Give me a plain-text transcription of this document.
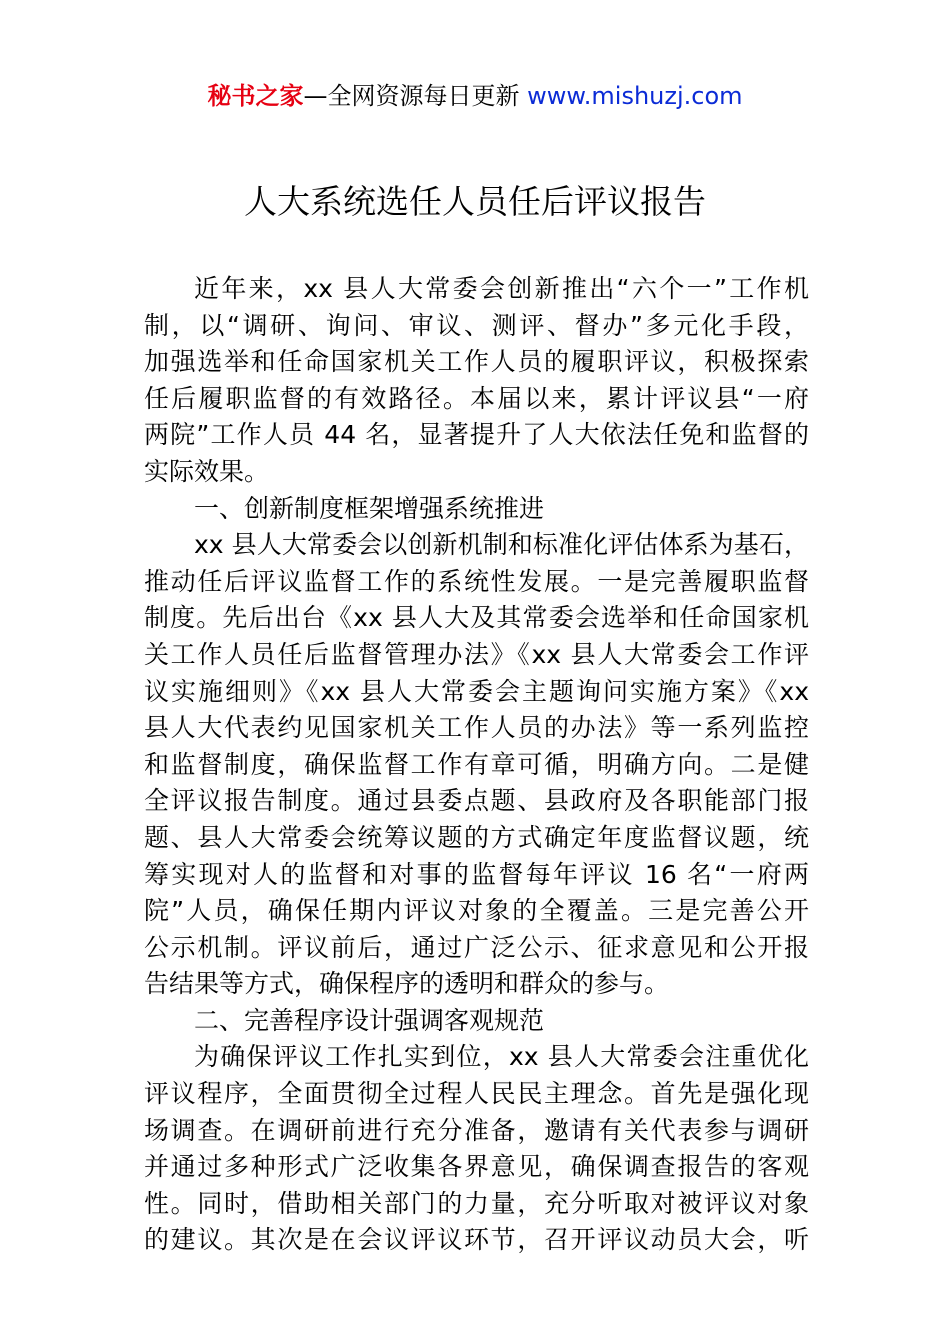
秘书之家—全网资源每日更新 www.mishuzj.com
人大系统选任人员任后评议报告
近年来，xx 县人大常委会创新推出“六个一”工作机
制，以“调研、询问、审议、测评、督办”多元化手段，
加强选举和任命国家机关工作人员的履职评议，积极探索
任后履职监督的有效路径。本届以来，累计评议县“一府
两院”工作人员 44 名，显著提升了人大依法任免和监督的
实际效果。
一、创新制度框架增强系统推进
xx 县人大常委会以创新机制和标准化评估体系为基石，
推动任后评议监督工作的系统性发展。一是完善履职监督
制度。先后出台《xx 县人大及其常委会选举和任命国家机
关工作人员任后监督管理办法》《xx 县人大常委会工作评
议实施细则》《xx 县人大常委会主题询问实施方案》《xx
县人大代表约见国家机关工作人员的办法》等一系列监控
和监督制度，确保监督工作有章可循，明确方向。二是健
全评议报告制度。通过县委点题、县政府及各职能部门报
题、县人大常委会统筹议题的方式确定年度监督议题，统
筹实现对人的监督和对事的监督每年评议 16 名“一府两
院”人员，确保任期内评议对象的全覆盖。三是完善公开
公示机制。评议前后，通过广泛公示、征求意见和公开报
告结果等方式，确保程序的透明和群众的参与。
二、完善程序设计强调客观规范
为确保评议工作扎实到位，xx 县人大常委会注重优化
评议程序，全面贯彻全过程人民民主理念。首先是强化现
场调查。在调研前进行充分准备，邀请有关代表参与调研
并通过多种形式广泛收集各界意见，确保调查报告的客观
性。同时，借助相关部门的力量，充分听取对被评议对象
的建议。其次是在会议评议环节，召开评议动员大会，听
